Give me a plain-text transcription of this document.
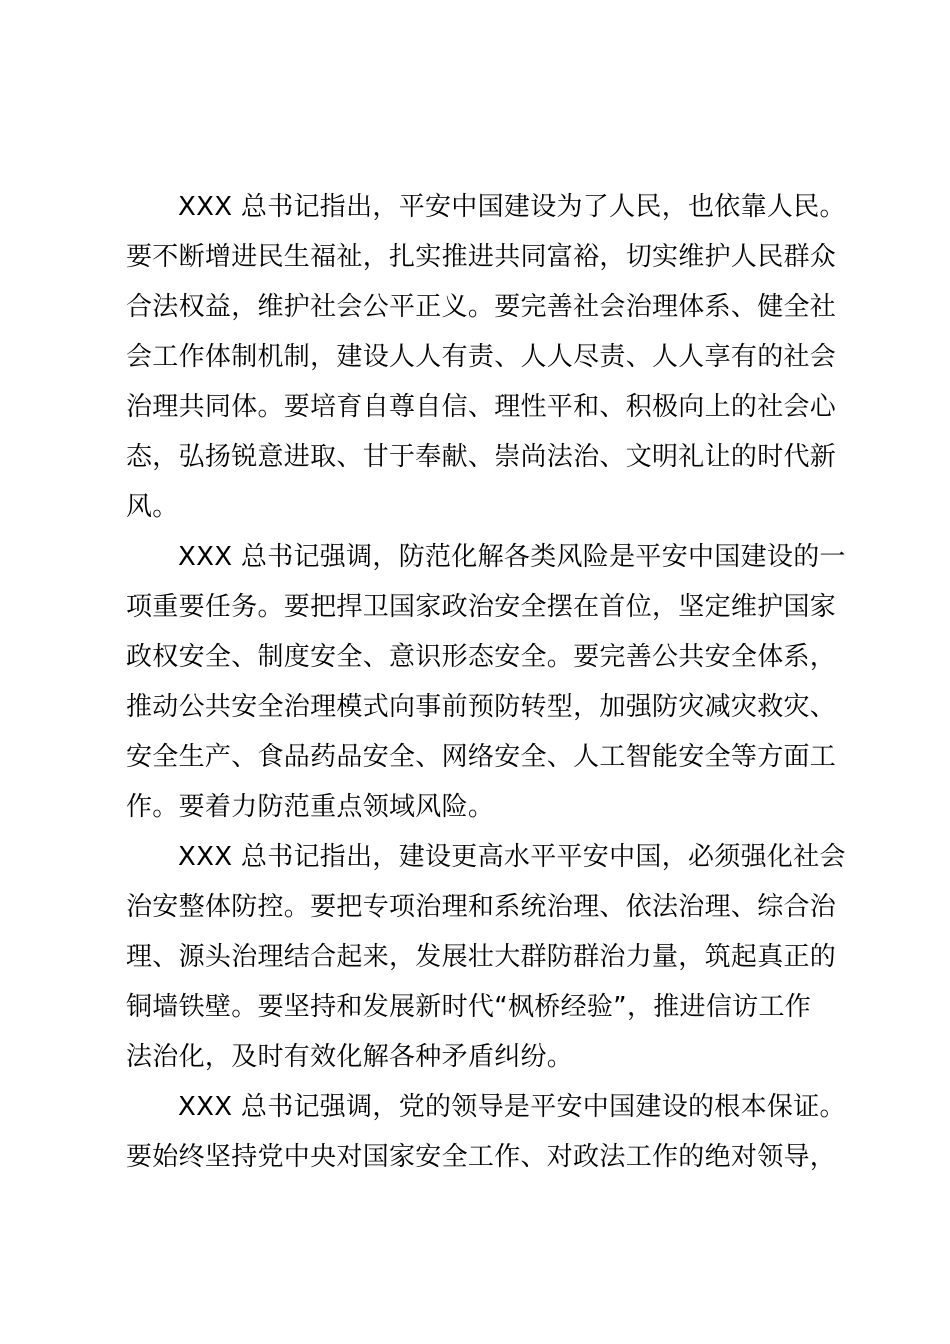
XXX 总书记指出，平安中国建设为了人民，也依靠人民。
要不断增进民生福祉，扎实推进共同富裕，切实维护人民群众
合法权益，维护社会公平正义。要完善社会治理体系、健全社
会工作体制机制，建设人人有责、人人尽责、人人享有的社会
治理共同体。要培育自尊自信、理性平和、积极向上的社会心
态，弘扬锐意进取、甘于奉献、崇尚法治、文明礼让的时代新
风。
XXX 总书记强调，防范化解各类风险是平安中国建设的一
项重要任务。要把捍卫国家政治安全摆在首位，坚定维护国家
政权安全、制度安全、意识形态安全。要完善公共安全体系，
推动公共安全治理模式向事前预防转型，加强防灾减灾救灾、
安全生产、食品药品安全、网络安全、人工智能安全等方面工
作。要着力防范重点领域风险。
XXX 总书记指出，建设更高水平平安中国，必须强化社会
治安整体防控。要把专项治理和系统治理、依法治理、综合治
理、源头治理结合起来，发展壮大群防群治力量，筑起真正的
铜墙铁壁。要坚持和发展新时代“枫桥经验”，推进信访工作
法治化，及时有效化解各种矛盾纠纷。
XXX 总书记强调，党的领导是平安中国建设的根本保证。
要始终坚持党中央对国家安全工作、对政法工作的绝对领导，
